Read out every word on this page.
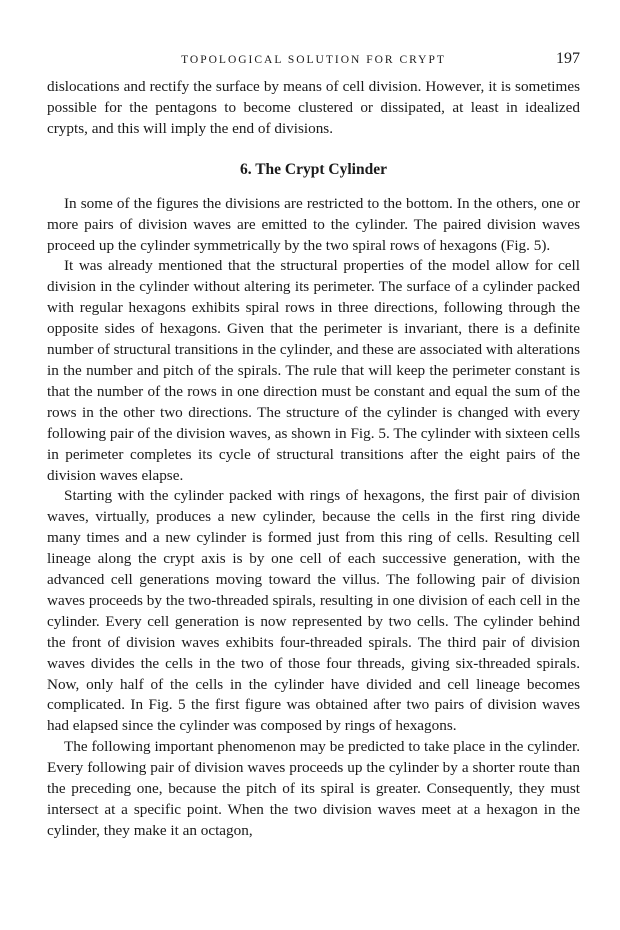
TOPOLOGICAL SOLUTION FOR CRYPT	197

dislocations and rectify the surface by means of cell division. However, it is sometimes possible for the pentagons to become clustered or dissipated, at least in idealized crypts, and this will imply the end of divisions.

6. The Crypt Cylinder

In some of the figures the divisions are restricted to the bottom. In the others, one or more pairs of division waves are emitted to the cylinder. The paired division waves proceed up the cylinder symmetrically by the two spiral rows of hexagons (Fig. 5).

It was already mentioned that the structural properties of the model allow for cell division in the cylinder without altering its perimeter. The surface of a cylinder packed with regular hexagons exhibits spiral rows in three directions, following through the opposite sides of hexagons. Given that the perimeter is invariant, there is a definite number of structural transitions in the cylinder, and these are associated with alterations in the number and pitch of the spirals. The rule that will keep the perimeter constant is that the number of the rows in one direction must be constant and equal the sum of the rows in the other two directions. The structure of the cylinder is changed with every following pair of the division waves, as shown in Fig. 5. The cylinder with sixteen cells in perimeter completes its cycle of structural transitions after the eight pairs of the division waves elapse.

Starting with the cylinder packed with rings of hexagons, the first pair of division waves, virtually, produces a new cylinder, because the cells in the first ring divide many times and a new cylinder is formed just from this ring of cells. Resulting cell lineage along the crypt axis is by one cell of each successive generation, with the advanced cell generations moving toward the villus. The following pair of division waves proceeds by the two-threaded spirals, resulting in one division of each cell in the cylinder. Every cell generation is now represented by two cells. The cylinder behind the front of division waves exhibits four-threaded spirals. The third pair of division waves divides the cells in the two of those four threads, giving six-threaded spirals. Now, only half of the cells in the cylinder have divided and cell lineage becomes complicated. In Fig. 5 the first figure was obtained after two pairs of division waves had elapsed since the cylinder was composed by rings of hexagons.

The following important phenomenon may be predicted to take place in the cylinder. Every following pair of division waves proceeds up the cylinder by a shorter route than the preceding one, because the pitch of its spiral is greater. Consequently, they must intersect at a specific point. When the two division waves meet at a hexagon in the cylinder, they make it an octagon,
